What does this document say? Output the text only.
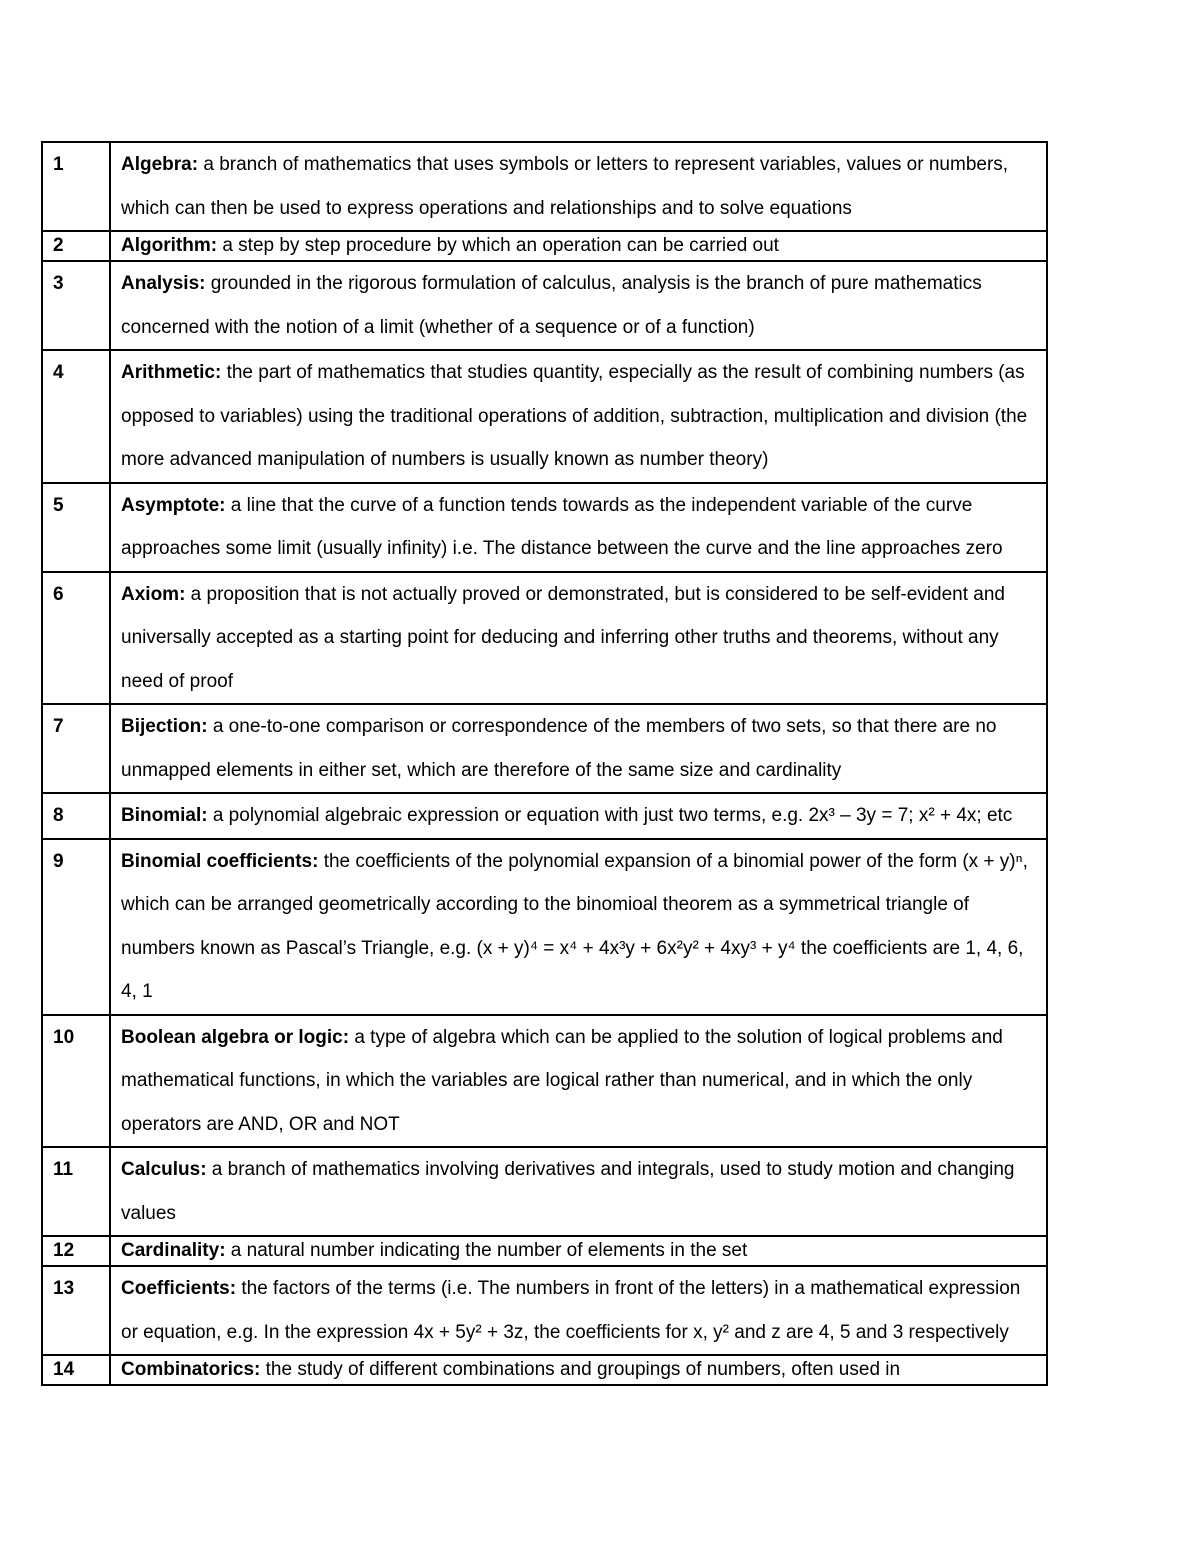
1	Algebra: a branch of mathematics that uses symbols or letters to represent variables, values or numbers, which can then be used to express operations and relationships and to solve equations
2	Algorithm: a step by step procedure by which an operation can be carried out
3	Analysis: grounded in the rigorous formulation of calculus, analysis is the branch of pure mathematics concerned with the notion of a limit (whether of a sequence or of a function)
4	Arithmetic: the part of mathematics that studies quantity, especially as the result of combining numbers (as opposed to variables) using the traditional operations of addition, subtraction, multiplication and division (the more advanced manipulation of numbers is usually known as number theory)
5	Asymptote: a line that the curve of a function tends towards as the independent variable of the curve approaches some limit (usually infinity) i.e. The distance between the curve and the line approaches zero
6	Axiom: a proposition that is not actually proved or demonstrated, but is considered to be self-evident and universally accepted as a starting point for deducing and inferring other truths and theorems, without any need of proof
7	Bijection: a one-to-one comparison or correspondence of the members of two sets, so that there are no unmapped elements in either set, which are therefore of the same size and cardinality
8	Binomial: a polynomial algebraic expression or equation with just two terms, e.g. 2x³ – 3y = 7; x² + 4x; etc
9	Binomial coefficients: the coefficients of the polynomial expansion of a binomial power of the form (x + y)ⁿ, which can be arranged geometrically according to the binomioal theorem as a symmetrical triangle of numbers known as Pascal’s Triangle, e.g. (x + y)⁴ = x⁴ + 4x³y + 6x²y² + 4xy³ + y⁴ the coefficients are 1, 4, 6, 4, 1
10	Boolean algebra or logic: a type of algebra which can be applied to the solution of logical problems and mathematical functions, in which the variables are logical rather than numerical, and in which the only operators are AND, OR and NOT
11	Calculus: a branch of mathematics involving derivatives and integrals, used to study motion and changing values
12	Cardinality: a natural number indicating the number of elements in the set
13	Coefficients: the factors of the terms (i.e. The numbers in front of the letters) in a mathematical expression or equation, e.g. In the expression 4x + 5y² + 3z, the coefficients for x, y² and z are 4, 5 and 3 respectively
14	Combinatorics: the study of different combinations and groupings of numbers, often used in
